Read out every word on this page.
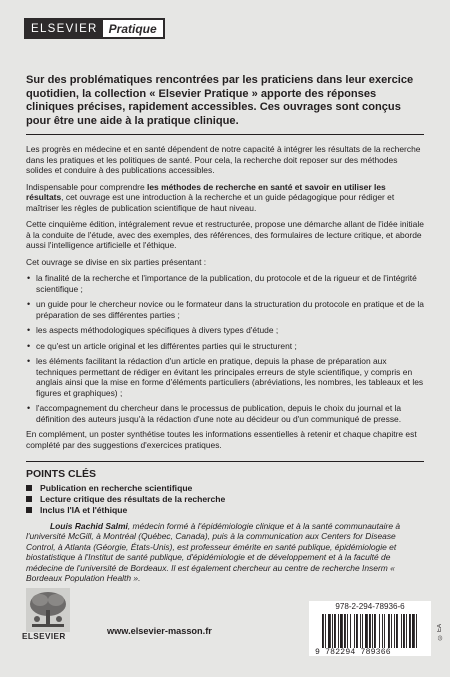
ELSEVIER Pratique
Sur des problématiques rencontrées par les praticiens dans leur exercice quotidien, la collection « Elsevier Pratique » apporte des réponses cliniques précises, rapidement accessibles. Ces ouvrages sont conçus pour être une aide à la pratique clinique.

Les progrès en médecine et en santé dépendent de notre capacité à intégrer les résultats de la recherche dans les pratiques et les politiques de santé. Pour cela, la recherche doit reposer sur des méthodes solides et conduire à des publications accessibles.

Indispensable pour comprendre les méthodes de recherche en santé et savoir en utiliser les résultats, cet ouvrage est une introduction à la recherche et un guide pédagogique pour rédiger et maîtriser les règles de publication scientifique de haut niveau.

Cette cinquième édition, intégralement revue et restructurée, propose une démarche allant de l'idée initiale à la conduite de l'étude, avec des exemples, des références, des formulaires de lecture critique, et aborde aussi l'intelligence artificielle et l'éthique.

Cet ouvrage se divise en six parties présentant :

• la finalité de la recherche et l'importance de la publication, du protocole et de la rigueur et de l'intégrité scientifique ;
• un guide pour le chercheur novice ou le formateur dans la structuration du protocole en pratique et de la préparation de ses différentes parties ;
• les aspects méthodologiques spécifiques à divers types d'étude ;
• ce qu'est un article original et les différentes parties qui le structurent ;
• les éléments facilitant la rédaction d'un article en pratique, depuis la phase de préparation aux techniques permettant de rédiger en évitant les principales erreurs de style scientifique, y compris en anglais ainsi que la mise en forme d'éléments particuliers (abréviations, les nombres, les tableaux et les figures et graphiques) ;
• l'accompagnement du chercheur dans le processus de publication, depuis le choix du journal et la définition des auteurs jusqu'à la rédaction d'une note au décideur ou d'un communiqué de presse.

En complément, un poster synthétise toutes les informations essentielles à retenir et chaque chapitre est complété par des suggestions d'exercices pratiques.

POINTS CLÉS
Publication en recherche scientifique
Lecture critique des résultats de la recherche
Inclus l'IA et l'éthique
Louis Rachid Salmi, médecin formé à l'épidémiologie clinique et à la santé communautaire à l'université McGill, à Montréal (Québec, Canada), puis à la communication aux Centers for Disease Control, à Atlanta (Géorgie, États-Unis), est professeur émérite en santé publique, épidémiologie et biostatistique à l'Institut de santé publique, d'épidémiologie et de développement et à la faculté de médecine de l'université de Bordeaux. Il est également chercheur au centre de recherche Inserm « Bordeaux Population Health ».
ELSEVIER
www.elsevier-masson.fr
978-2-294-78936-6
9 782294 789366
© EA
